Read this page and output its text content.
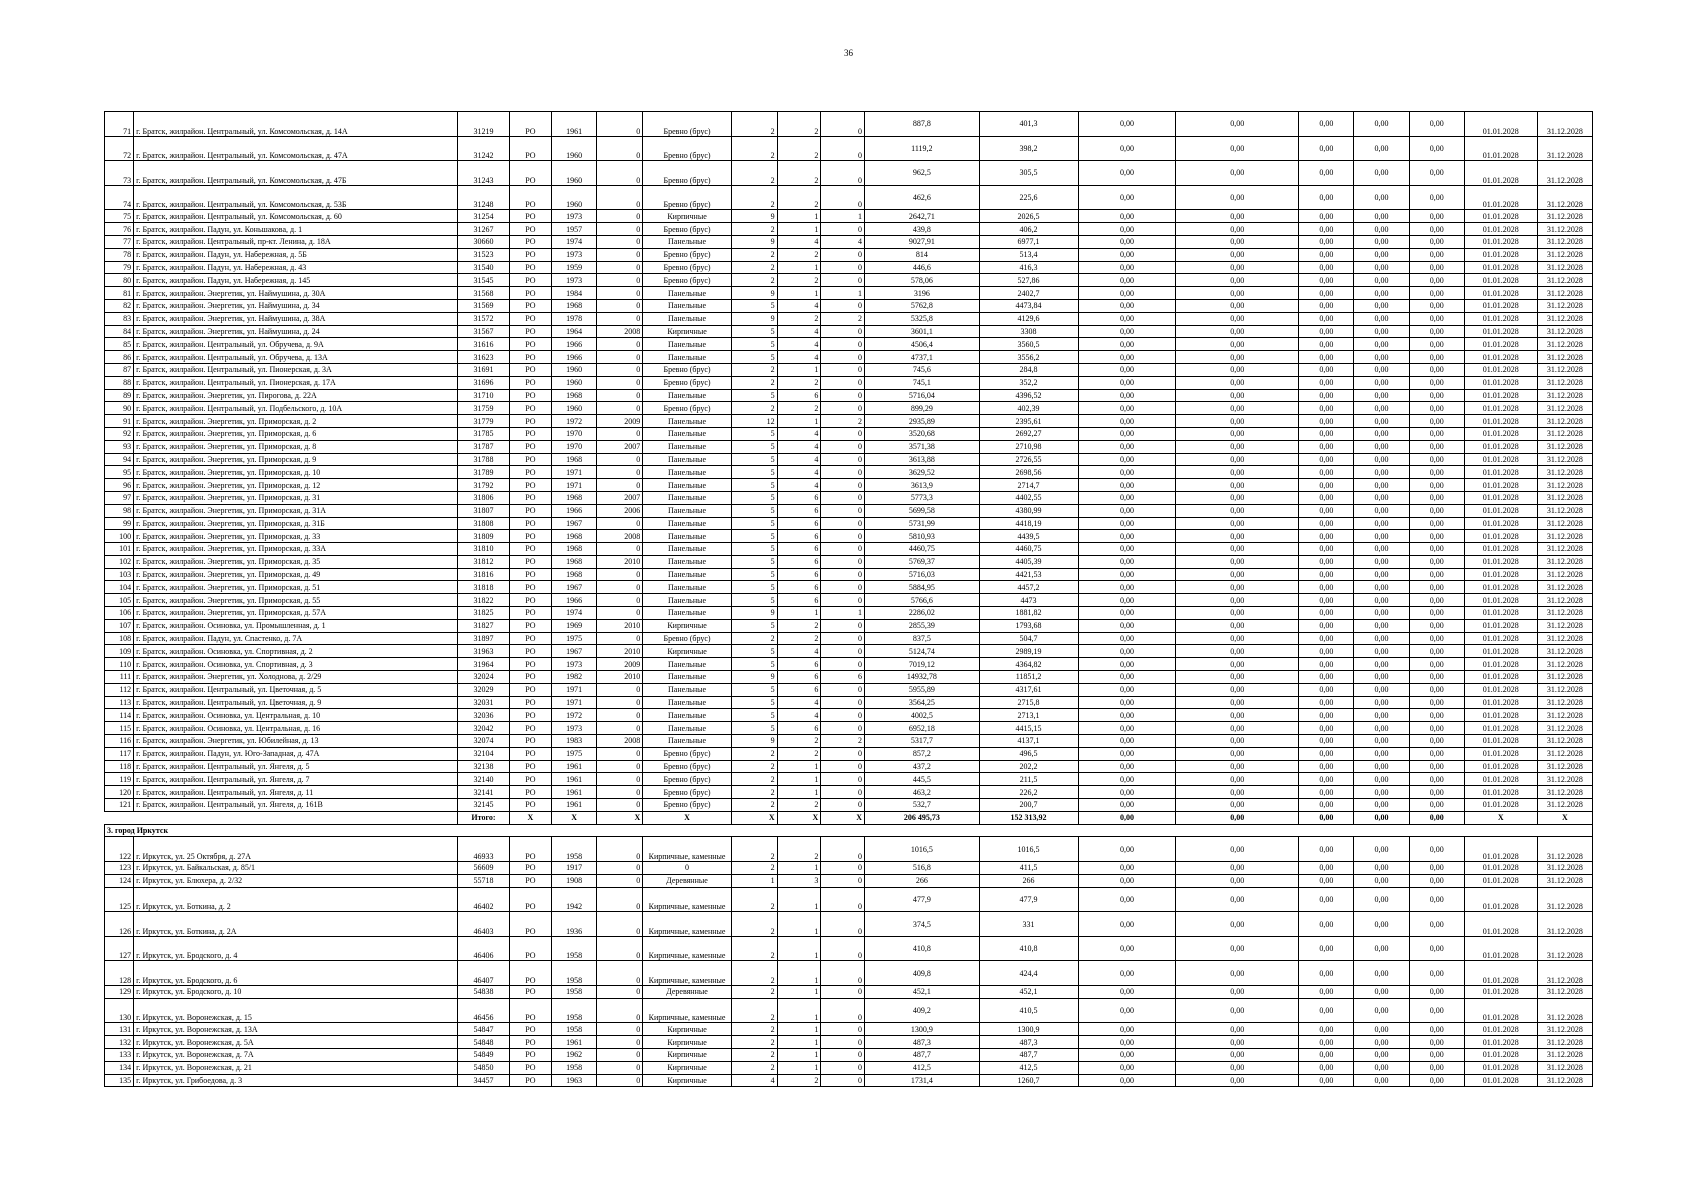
36
71	г. Братск, жилрайон. Центральный, ул. Комсомольская, д. 14А	31219	РО	1961	0	Бревно (брус)	2	2	0	887,8	401,3	0,00	0,00	0,00	0,00	0,00	01.01.2028	31.12.2028
72	г. Братск, жилрайон. Центральный, ул. Комсомольская, д. 47А	31242	РО	1960	0	Бревно (брус)	2	2	0	1119,2	398,2	0,00	0,00	0,00	0,00	0,00	01.01.2028	31.12.2028
73	г. Братск, жилрайон. Центральный, ул. Комсомольская, д. 47Б	31243	РО	1960	0	Бревно (брус)	2	2	0	962,5	305,5	0,00	0,00	0,00	0,00	0,00	01.01.2028	31.12.2028
74	г. Братск, жилрайон. Центральный, ул. Комсомольская, д. 53Б	31248	РО	1960	0	Бревно (брус)	2	2	0	462,6	225,6	0,00	0,00	0,00	0,00	0,00	01.01.2028	31.12.2028
75	г. Братск, жилрайон. Центральный, ул. Комсомольская, д. 60	31254	РО	1973	0	Кирпичные	9	1	1	2642,71	2026,5	0,00	0,00	0,00	0,00	0,00	01.01.2028	31.12.2028
76	г. Братск, жилрайон. Падун, ул. Коньшакова, д. 1	31267	РО	1957	0	Бревно (брус)	2	1	0	439,8	406,2	0,00	0,00	0,00	0,00	0,00	01.01.2028	31.12.2028
77	г. Братск, жилрайон. Центральный, пр-кт. Ленина, д. 18А	30660	РО	1974	0	Панельные	9	4	4	9027,91	6977,1	0,00	0,00	0,00	0,00	0,00	01.01.2028	31.12.2028
78	г. Братск, жилрайон. Падун, ул. Набережная, д. 5Б	31523	РО	1973	0	Бревно (брус)	2	2	0	814	513,4	0,00	0,00	0,00	0,00	0,00	01.01.2028	31.12.2028
79	г. Братск, жилрайон. Падун, ул. Набережная, д. 43	31540	РО	1959	0	Бревно (брус)	2	1	0	446,6	416,3	0,00	0,00	0,00	0,00	0,00	01.01.2028	31.12.2028
80	г. Братск, жилрайон. Падун, ул. Набережная, д. 145	31545	РО	1973	0	Бревно (брус)	2	2	0	578,06	527,86	0,00	0,00	0,00	0,00	0,00	01.01.2028	31.12.2028
81	г. Братск, жилрайон. Энергетик, ул. Наймушина, д. 30А	31568	РО	1984	0	Панельные	9	1	1	3196	2402,7	0,00	0,00	0,00	0,00	0,00	01.01.2028	31.12.2028
82	г. Братск, жилрайон. Энергетик, ул. Наймушина, д. 34	31569	РО	1968	0	Панельные	5	4	0	5762,8	4473,84	0,00	0,00	0,00	0,00	0,00	01.01.2028	31.12.2028
83	г. Братск, жилрайон. Энергетик, ул. Наймушина, д. 38А	31572	РО	1978	0	Панельные	9	2	2	5325,8	4129,6	0,00	0,00	0,00	0,00	0,00	01.01.2028	31.12.2028
84	г. Братск, жилрайон. Энергетик, ул. Наймушина, д. 24	31567	РО	1964	2008	Кирпичные	5	4	0	3601,1	3308	0,00	0,00	0,00	0,00	0,00	01.01.2028	31.12.2028
85	г. Братск, жилрайон. Центральный, ул. Обручева, д. 9А	31616	РО	1966	0	Панельные	5	4	0	4506,4	3560,5	0,00	0,00	0,00	0,00	0,00	01.01.2028	31.12.2028
86	г. Братск, жилрайон. Центральный, ул. Обручева, д. 13А	31623	РО	1966	0	Панельные	5	4	0	4737,1	3556,2	0,00	0,00	0,00	0,00	0,00	01.01.2028	31.12.2028
87	г. Братск, жилрайон. Центральный, ул. Пионерская, д. 3А	31691	РО	1960	0	Бревно (брус)	2	1	0	745,6	284,8	0,00	0,00	0,00	0,00	0,00	01.01.2028	31.12.2028
88	г. Братск, жилрайон. Центральный, ул. Пионерская, д. 17А	31696	РО	1960	0	Бревно (брус)	2	2	0	745,1	352,2	0,00	0,00	0,00	0,00	0,00	01.01.2028	31.12.2028
89	г. Братск, жилрайон. Энергетик, ул. Пирогова, д. 22А	31710	РО	1968	0	Панельные	5	6	0	5716,04	4396,52	0,00	0,00	0,00	0,00	0,00	01.01.2028	31.12.2028
90	г. Братск, жилрайон. Центральный, ул. Подбельского, д. 10А	31759	РО	1960	0	Бревно (брус)	2	2	0	899,29	402,39	0,00	0,00	0,00	0,00	0,00	01.01.2028	31.12.2028
91	г. Братск, жилрайон. Энергетик, ул. Приморская, д. 2	31779	РО	1972	2009	Панельные	12	1	2	2935,89	2395,61	0,00	0,00	0,00	0,00	0,00	01.01.2028	31.12.2028
92	г. Братск, жилрайон. Энергетик, ул. Приморская, д. 6	31785	РО	1970	0	Панельные	5	4	0	3520,68	2692,27	0,00	0,00	0,00	0,00	0,00	01.01.2028	31.12.2028
93	г. Братск, жилрайон. Энергетик, ул. Приморская, д. 8	31787	РО	1970	2007	Панельные	5	4	0	3571,38	2710,98	0,00	0,00	0,00	0,00	0,00	01.01.2028	31.12.2028
94	г. Братск, жилрайон. Энергетик, ул. Приморская, д. 9	31788	РО	1968	0	Панельные	5	4	0	3613,88	2726,55	0,00	0,00	0,00	0,00	0,00	01.01.2028	31.12.2028
95	г. Братск, жилрайон. Энергетик, ул. Приморская, д. 10	31789	РО	1971	0	Панельные	5	4	0	3629,52	2698,56	0,00	0,00	0,00	0,00	0,00	01.01.2028	31.12.2028
96	г. Братск, жилрайон. Энергетик, ул. Приморская, д. 12	31792	РО	1971	0	Панельные	5	4	0	3613,9	2714,7	0,00	0,00	0,00	0,00	0,00	01.01.2028	31.12.2028
97	г. Братск, жилрайон. Энергетик, ул. Приморская, д. 31	31806	РО	1968	2007	Панельные	5	6	0	5773,3	4402,55	0,00	0,00	0,00	0,00	0,00	01.01.2028	31.12.2028
98	г. Братск, жилрайон. Энергетик, ул. Приморская, д. 31А	31807	РО	1966	2006	Панельные	5	6	0	5699,58	4380,99	0,00	0,00	0,00	0,00	0,00	01.01.2028	31.12.2028
99	г. Братск, жилрайон. Энергетик, ул. Приморская, д. 31Б	31808	РО	1967	0	Панельные	5	6	0	5731,99	4418,19	0,00	0,00	0,00	0,00	0,00	01.01.2028	31.12.2028
100	г. Братск, жилрайон. Энергетик, ул. Приморская, д. 33	31809	РО	1968	2008	Панельные	5	6	0	5810,93	4439,5	0,00	0,00	0,00	0,00	0,00	01.01.2028	31.12.2028
101	г. Братск, жилрайон. Энергетик, ул. Приморская, д. 33А	31810	РО	1968	0	Панельные	5	6	0	4460,75	4460,75	0,00	0,00	0,00	0,00	0,00	01.01.2028	31.12.2028
102	г. Братск, жилрайон. Энергетик, ул. Приморская, д. 35	31812	РО	1968	2010	Панельные	5	6	0	5769,37	4405,39	0,00	0,00	0,00	0,00	0,00	01.01.2028	31.12.2028
103	г. Братск, жилрайон. Энергетик, ул. Приморская, д. 49	31816	РО	1968	0	Панельные	5	6	0	5716,03	4421,53	0,00	0,00	0,00	0,00	0,00	01.01.2028	31.12.2028
104	г. Братск, жилрайон. Энергетик, ул. Приморская, д. 51	31818	РО	1967	0	Панельные	5	6	0	5884,95	4457,2	0,00	0,00	0,00	0,00	0,00	01.01.2028	31.12.2028
105	г. Братск, жилрайон. Энергетик, ул. Приморская, д. 55	31822	РО	1966	0	Панельные	5	6	0	5766,6	4473	0,00	0,00	0,00	0,00	0,00	01.01.2028	31.12.2028
106	г. Братск, жилрайон. Энергетик, ул. Приморская, д. 57А	31825	РО	1974	0	Панельные	9	1	1	2286,02	1881,82	0,00	0,00	0,00	0,00	0,00	01.01.2028	31.12.2028
107	г. Братск, жилрайон. Осиновка, ул. Промышленная, д. 1	31827	РО	1969	2010	Кирпичные	5	2	0	2855,39	1793,68	0,00	0,00	0,00	0,00	0,00	01.01.2028	31.12.2028
108	г. Братск, жилрайон. Падун, ул. Спастенко, д. 7А	31897	РО	1975	0	Бревно (брус)	2	2	0	837,5	504,7	0,00	0,00	0,00	0,00	0,00	01.01.2028	31.12.2028
109	г. Братск, жилрайон. Осиновка, ул. Спортивная, д. 2	31963	РО	1967	2010	Кирпичные	5	4	0	5124,74	2989,19	0,00	0,00	0,00	0,00	0,00	01.01.2028	31.12.2028
110	г. Братск, жилрайон. Осиновка, ул. Спортивная, д. 3	31964	РО	1973	2009	Панельные	5	6	0	7019,12	4364,82	0,00	0,00	0,00	0,00	0,00	01.01.2028	31.12.2028
111	г. Братск, жилрайон. Энергетик, ул. Холоднова, д. 2/29	32024	РО	1982	2010	Панельные	9	6	6	14932,78	11851,2	0,00	0,00	0,00	0,00	0,00	01.01.2028	31.12.2028
112	г. Братск, жилрайон. Центральный, ул. Цветочная, д. 5	32029	РО	1971	0	Панельные	5	6	0	5955,89	4317,61	0,00	0,00	0,00	0,00	0,00	01.01.2028	31.12.2028
113	г. Братск, жилрайон. Центральный, ул. Цветочная, д. 9	32031	РО	1971	0	Панельные	5	4	0	3564,25	2715,8	0,00	0,00	0,00	0,00	0,00	01.01.2028	31.12.2028
114	г. Братск, жилрайон. Осиновка, ул. Центральная, д. 10	32036	РО	1972	0	Панельные	5	4	0	4002,5	2713,1	0,00	0,00	0,00	0,00	0,00	01.01.2028	31.12.2028
115	г. Братск, жилрайон. Осиновка, ул. Центральная, д. 16	32042	РО	1973	0	Панельные	5	6	0	6952,18	4415,15	0,00	0,00	0,00	0,00	0,00	01.01.2028	31.12.2028
116	г. Братск, жилрайон. Энергетик, ул. Юбилейная, д. 13	32074	РО	1983	2008	Панельные	9	2	2	5317,7	4137,1	0,00	0,00	0,00	0,00	0,00	01.01.2028	31.12.2028
117	г. Братск, жилрайон. Падун, ул. Юго-Западная, д. 47А	32104	РО	1975	0	Бревно (брус)	2	2	0	857,2	496,5	0,00	0,00	0,00	0,00	0,00	01.01.2028	31.12.2028
118	г. Братск, жилрайон. Центральный, ул. Янгеля, д. 5	32138	РО	1961	0	Бревно (брус)	2	1	0	437,2	202,2	0,00	0,00	0,00	0,00	0,00	01.01.2028	31.12.2028
119	г. Братск, жилрайон. Центральный, ул. Янгеля, д. 7	32140	РО	1961	0	Бревно (брус)	2	1	0	445,5	211,5	0,00	0,00	0,00	0,00	0,00	01.01.2028	31.12.2028
120	г. Братск, жилрайон. Центральный, ул. Янгеля, д. 11	32141	РО	1961	0	Бревно (брус)	2	1	0	463,2	226,2	0,00	0,00	0,00	0,00	0,00	01.01.2028	31.12.2028
121	г. Братск, жилрайон. Центральный, ул. Янгеля, д. 161В	32145	РО	1961	0	Бревно (брус)	2	2	0	532,7	200,7	0,00	0,00	0,00	0,00	0,00	01.01.2028	31.12.2028
		Итого:	X	X	X	X	X	X	X	206 495,73	152 313,92	0,00	0,00	0,00	0,00	0,00	X	X
3. город Иркутск																		
122	г. Иркутск, ул. 25 Октября, д. 27А	46933	РО	1958	0	Кирпичные, каменные	2	2	0	1016,5	1016,5	0,00	0,00	0,00	0,00	0,00	01.01.2028	31.12.2028
123	г. Иркутск, ул. Байкальская, д. 85/1	56609	РО	1917	0	0	2	1	0	516,8	411,5	0,00	0,00	0,00	0,00	0,00	01.01.2028	31.12.2028
124	г. Иркутск, ул. Блюхера, д. 2/32	55718	РО	1908	0	Деревянные	1	3	0	266	266	0,00	0,00	0,00	0,00	0,00	01.01.2028	31.12.2028
125	г. Иркутск, ул. Боткина, д. 2	46402	РО	1942	0	Кирпичные, каменные	2	1	0	477,9	477,9	0,00	0,00	0,00	0,00	0,00	01.01.2028	31.12.2028
126	г. Иркутск, ул. Боткина, д. 2А	46403	РО	1936	0	Кирпичные, каменные	2	1	0	374,5	331	0,00	0,00	0,00	0,00	0,00	01.01.2028	31.12.2028
127	г. Иркутск, ул. Бродского, д. 4	46406	РО	1958	0	Кирпичные, каменные	2	1	0	410,8	410,8	0,00	0,00	0,00	0,00	0,00	01.01.2028	31.12.2028
128	г. Иркутск, ул. Бродского, д. 6	46407	РО	1958	0	Кирпичные, каменные	2	1	0	409,8	424,4	0,00	0,00	0,00	0,00	0,00	01.01.2028	31.12.2028
129	г. Иркутск, ул. Бродского, д. 10	54838	РО	1958	0	Деревянные	2	1	0	452,1	452,1	0,00	0,00	0,00	0,00	0,00	01.01.2028	31.12.2028
130	г. Иркутск, ул. Воронежская, д. 15	46456	РО	1958	0	Кирпичные, каменные	2	1	0	409,2	410,5	0,00	0,00	0,00	0,00	0,00	01.01.2028	31.12.2028
131	г. Иркутск, ул. Воронежская, д. 13А	54847	РО	1958	0	Кирпичные	2	1	0	1300,9	1300,9	0,00	0,00	0,00	0,00	0,00	01.01.2028	31.12.2028
132	г. Иркутск, ул. Воронежская, д. 5А	54848	РО	1961	0	Кирпичные	2	1	0	487,3	487,3	0,00	0,00	0,00	0,00	0,00	01.01.2028	31.12.2028
133	г. Иркутск, ул. Воронежская, д. 7А	54849	РО	1962	0	Кирпичные	2	1	0	487,7	487,7	0,00	0,00	0,00	0,00	0,00	01.01.2028	31.12.2028
134	г. Иркутск, ул. Воронежская, д. 21	54850	РО	1958	0	Кирпичные	2	1	0	412,5	412,5	0,00	0,00	0,00	0,00	0,00	01.01.2028	31.12.2028
135	г. Иркутск, ул. Грибоедова, д. 3	34457	РО	1963	0	Кирпичные	4	2	0	1731,4	1260,7	0,00	0,00	0,00	0,00	0,00	01.01.2028	31.12.2028
